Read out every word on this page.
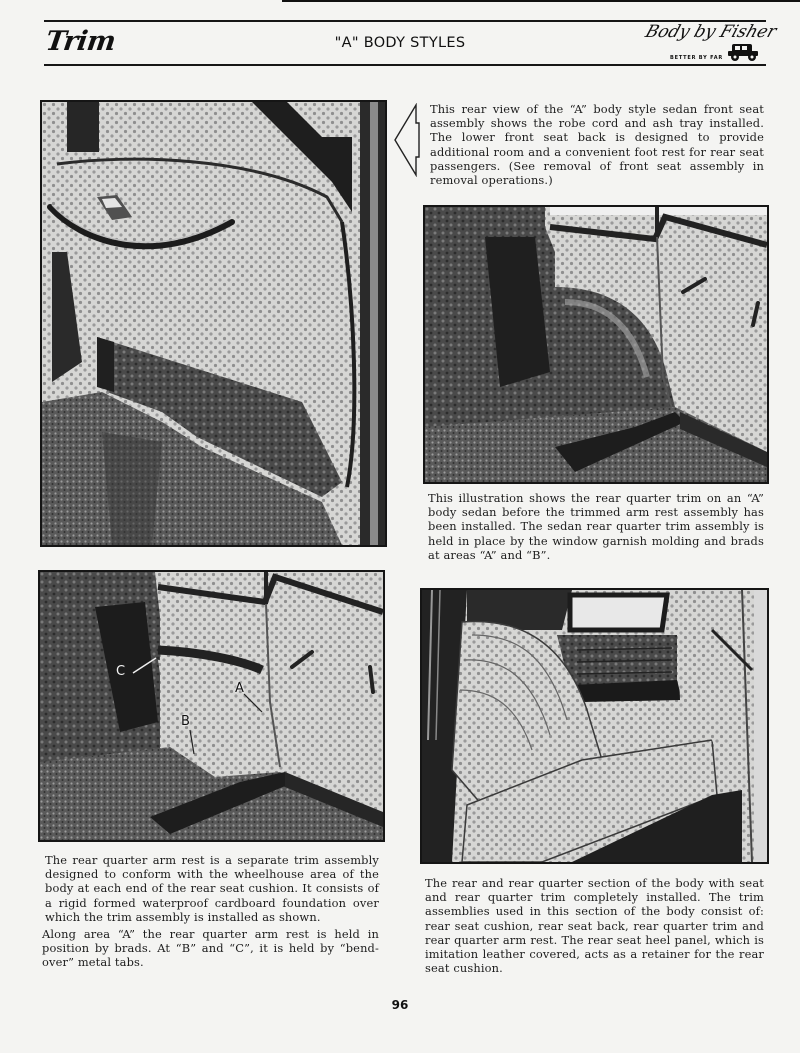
Trim	"A" BODY STYLES
Body by Fisher
BETTER BY FAR

This rear view of the “A” body style sedan front seat assembly shows the robe cord and ash tray installed. The lower front seat back is designed to provide additional room and a convenient foot rest for rear seat passengers. (See removal of front seat assembly in removal operations.)

This illustration shows the rear quarter trim on an “A” body sedan before the trimmed arm rest assembly has been installed. The sedan rear quarter trim assembly is held in place by the window garnish molding and brads at areas “A” and “B”.

C
A
B

The rear quarter arm rest is a separate trim assembly designed to conform with the wheelhouse area of the body at each end of the rear seat cushion. It consists of a rigid formed waterproof cardboard foundation over which the trim assembly is installed as shown.

Along area “A” the rear quarter arm rest is held in position by brads. At “B” and “C”, it is held by “bend-over” metal tabs.

The rear and rear quarter section of the body with seat and rear quarter trim completely installed. The trim assemblies used in this section of the body consist of: rear seat cushion, rear seat back, rear quarter trim and rear quarter arm rest. The rear seat heel panel, which is imitation leather covered, acts as a retainer for the rear seat cushion.

96
